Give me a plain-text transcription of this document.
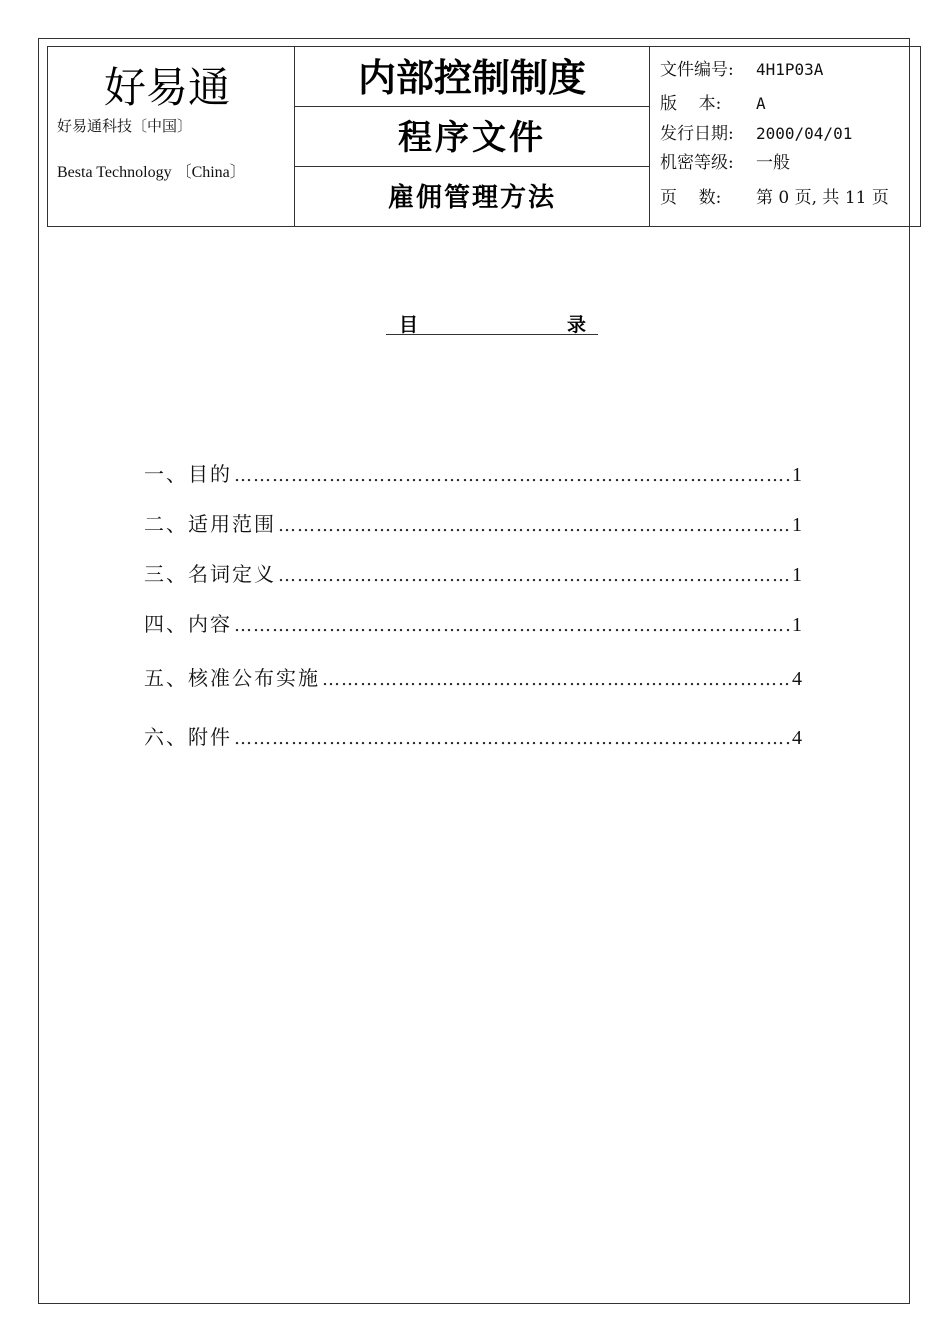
好易通
好易通科技〔中国〕
Besta Technology 〔China〕
内部控制制度
程序文件
雇佣管理方法
文件编号: 4H1P03A
版    本: A
发行日期: 2000/04/01
机密等级: 一般
页    数: 第 0 页, 共 11 页
目	录
一、目的 …………………………………………………………………………………………………………………………………………	1
二、适用范围 …………………………………………………………………………………………………………………………………………	1
三、名词定义 …………………………………………………………………………………………………………………………………………	1
四、内容 …………………………………………………………………………………………………………………………………………	1
五、核准公布实施 …………………………………………………………………………………………………………………………………………	4
六、附件 …………………………………………………………………………………………………………………………………………	4
